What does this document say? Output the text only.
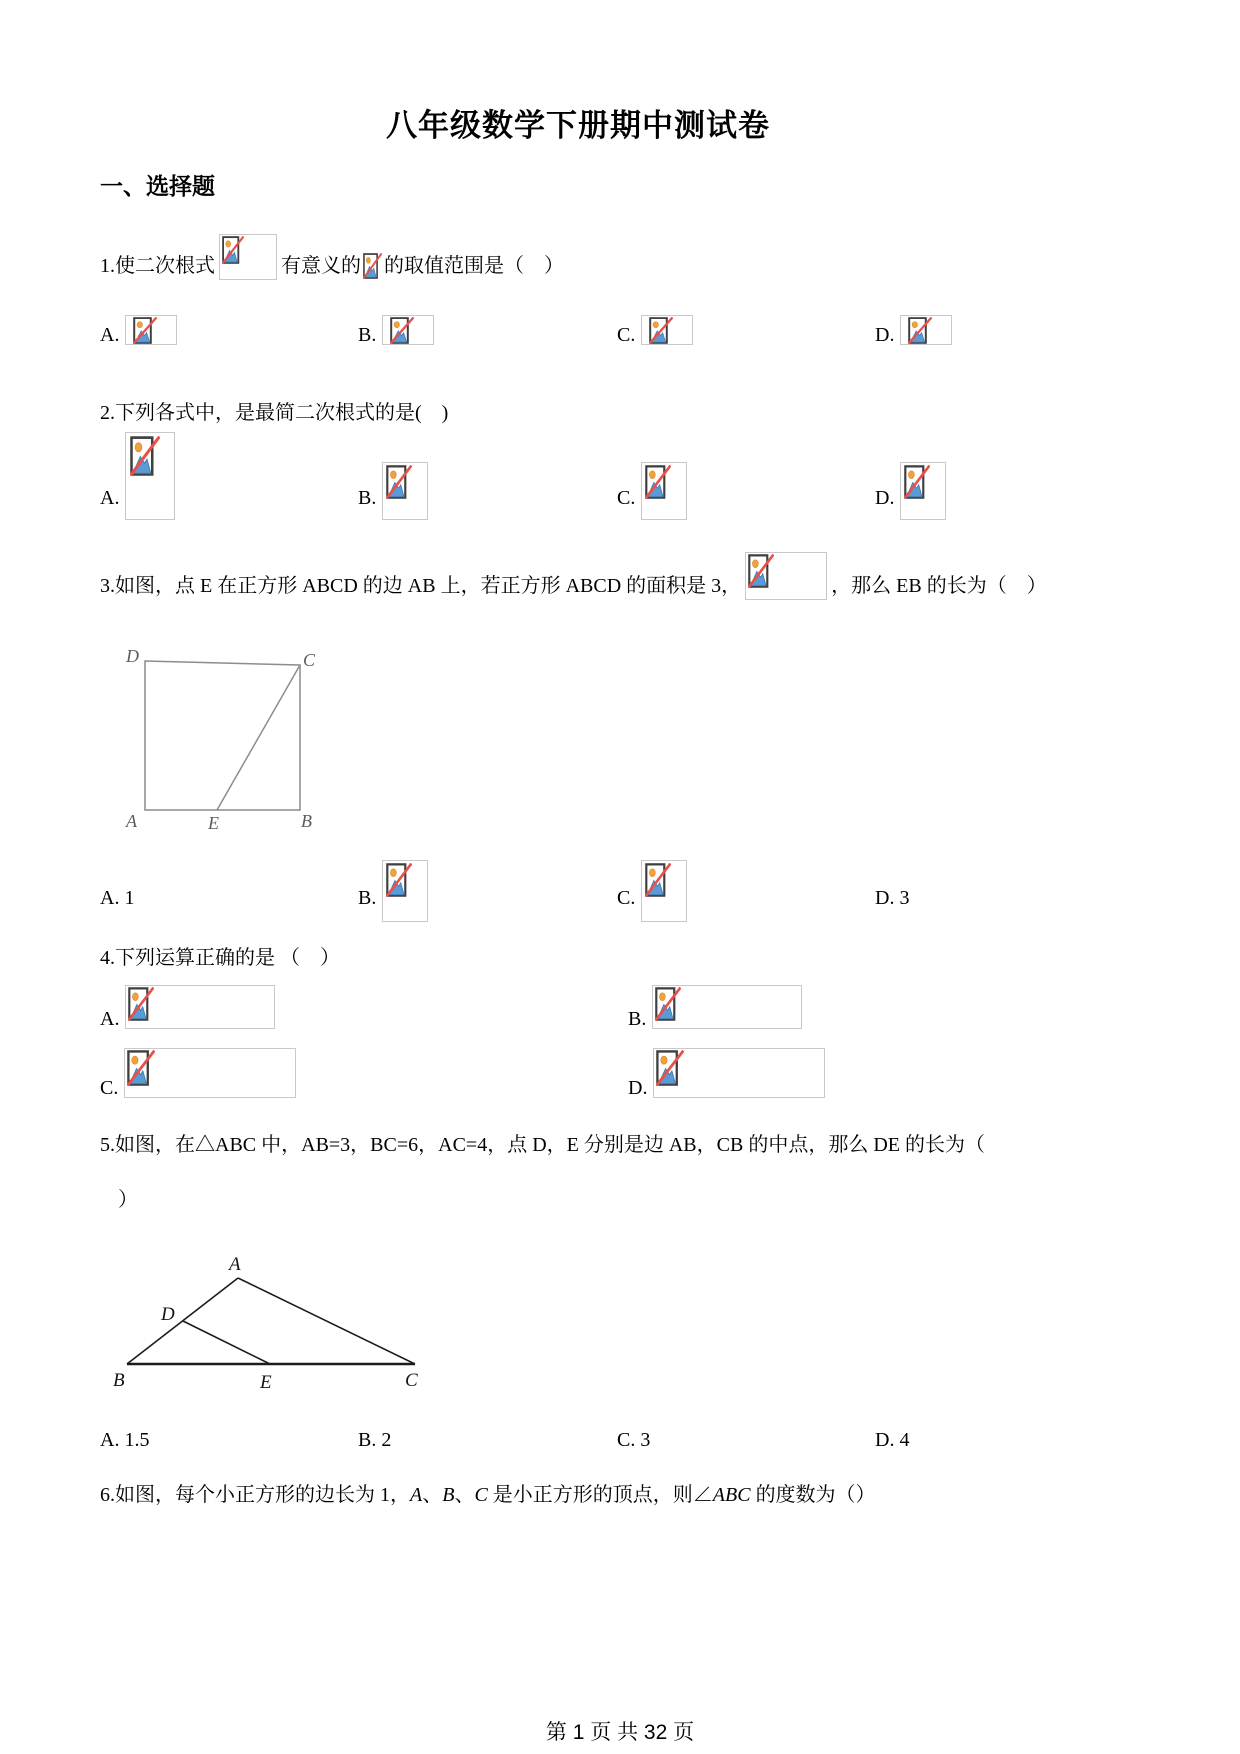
八年级数学下册期中测试卷
一、选择题
1.使二次根式	有意义的 的取值范围是（　）
A.	B.	C.	D.
2.下列各式中，是最简二次根式的是(　)
A.	B.	C.	D.
3.如图，点 E 在正方形 ABCD 的边 AB 上，若正方形 ABCD 的面积是 3，	，那么 EB 的长为（　）
D	C
A	E	B
A. 1	B.	C.	D. 3
4.下列运算正确的是 （　）
A.	B.
C.	D.
5.如图，在△ABC 中，AB=3，BC=6，AC=4，点 D，E 分别是边 AB，CB 的中点，那么 DE 的长为（
）
A
D
B	E	C
A. 1.5	B. 2	C. 3	D. 4
6.如图，每个小正方形的边长为 1，A、B、C 是小正方形的顶点，则∠ABC 的度数为（）
第 1 页 共 32 页
